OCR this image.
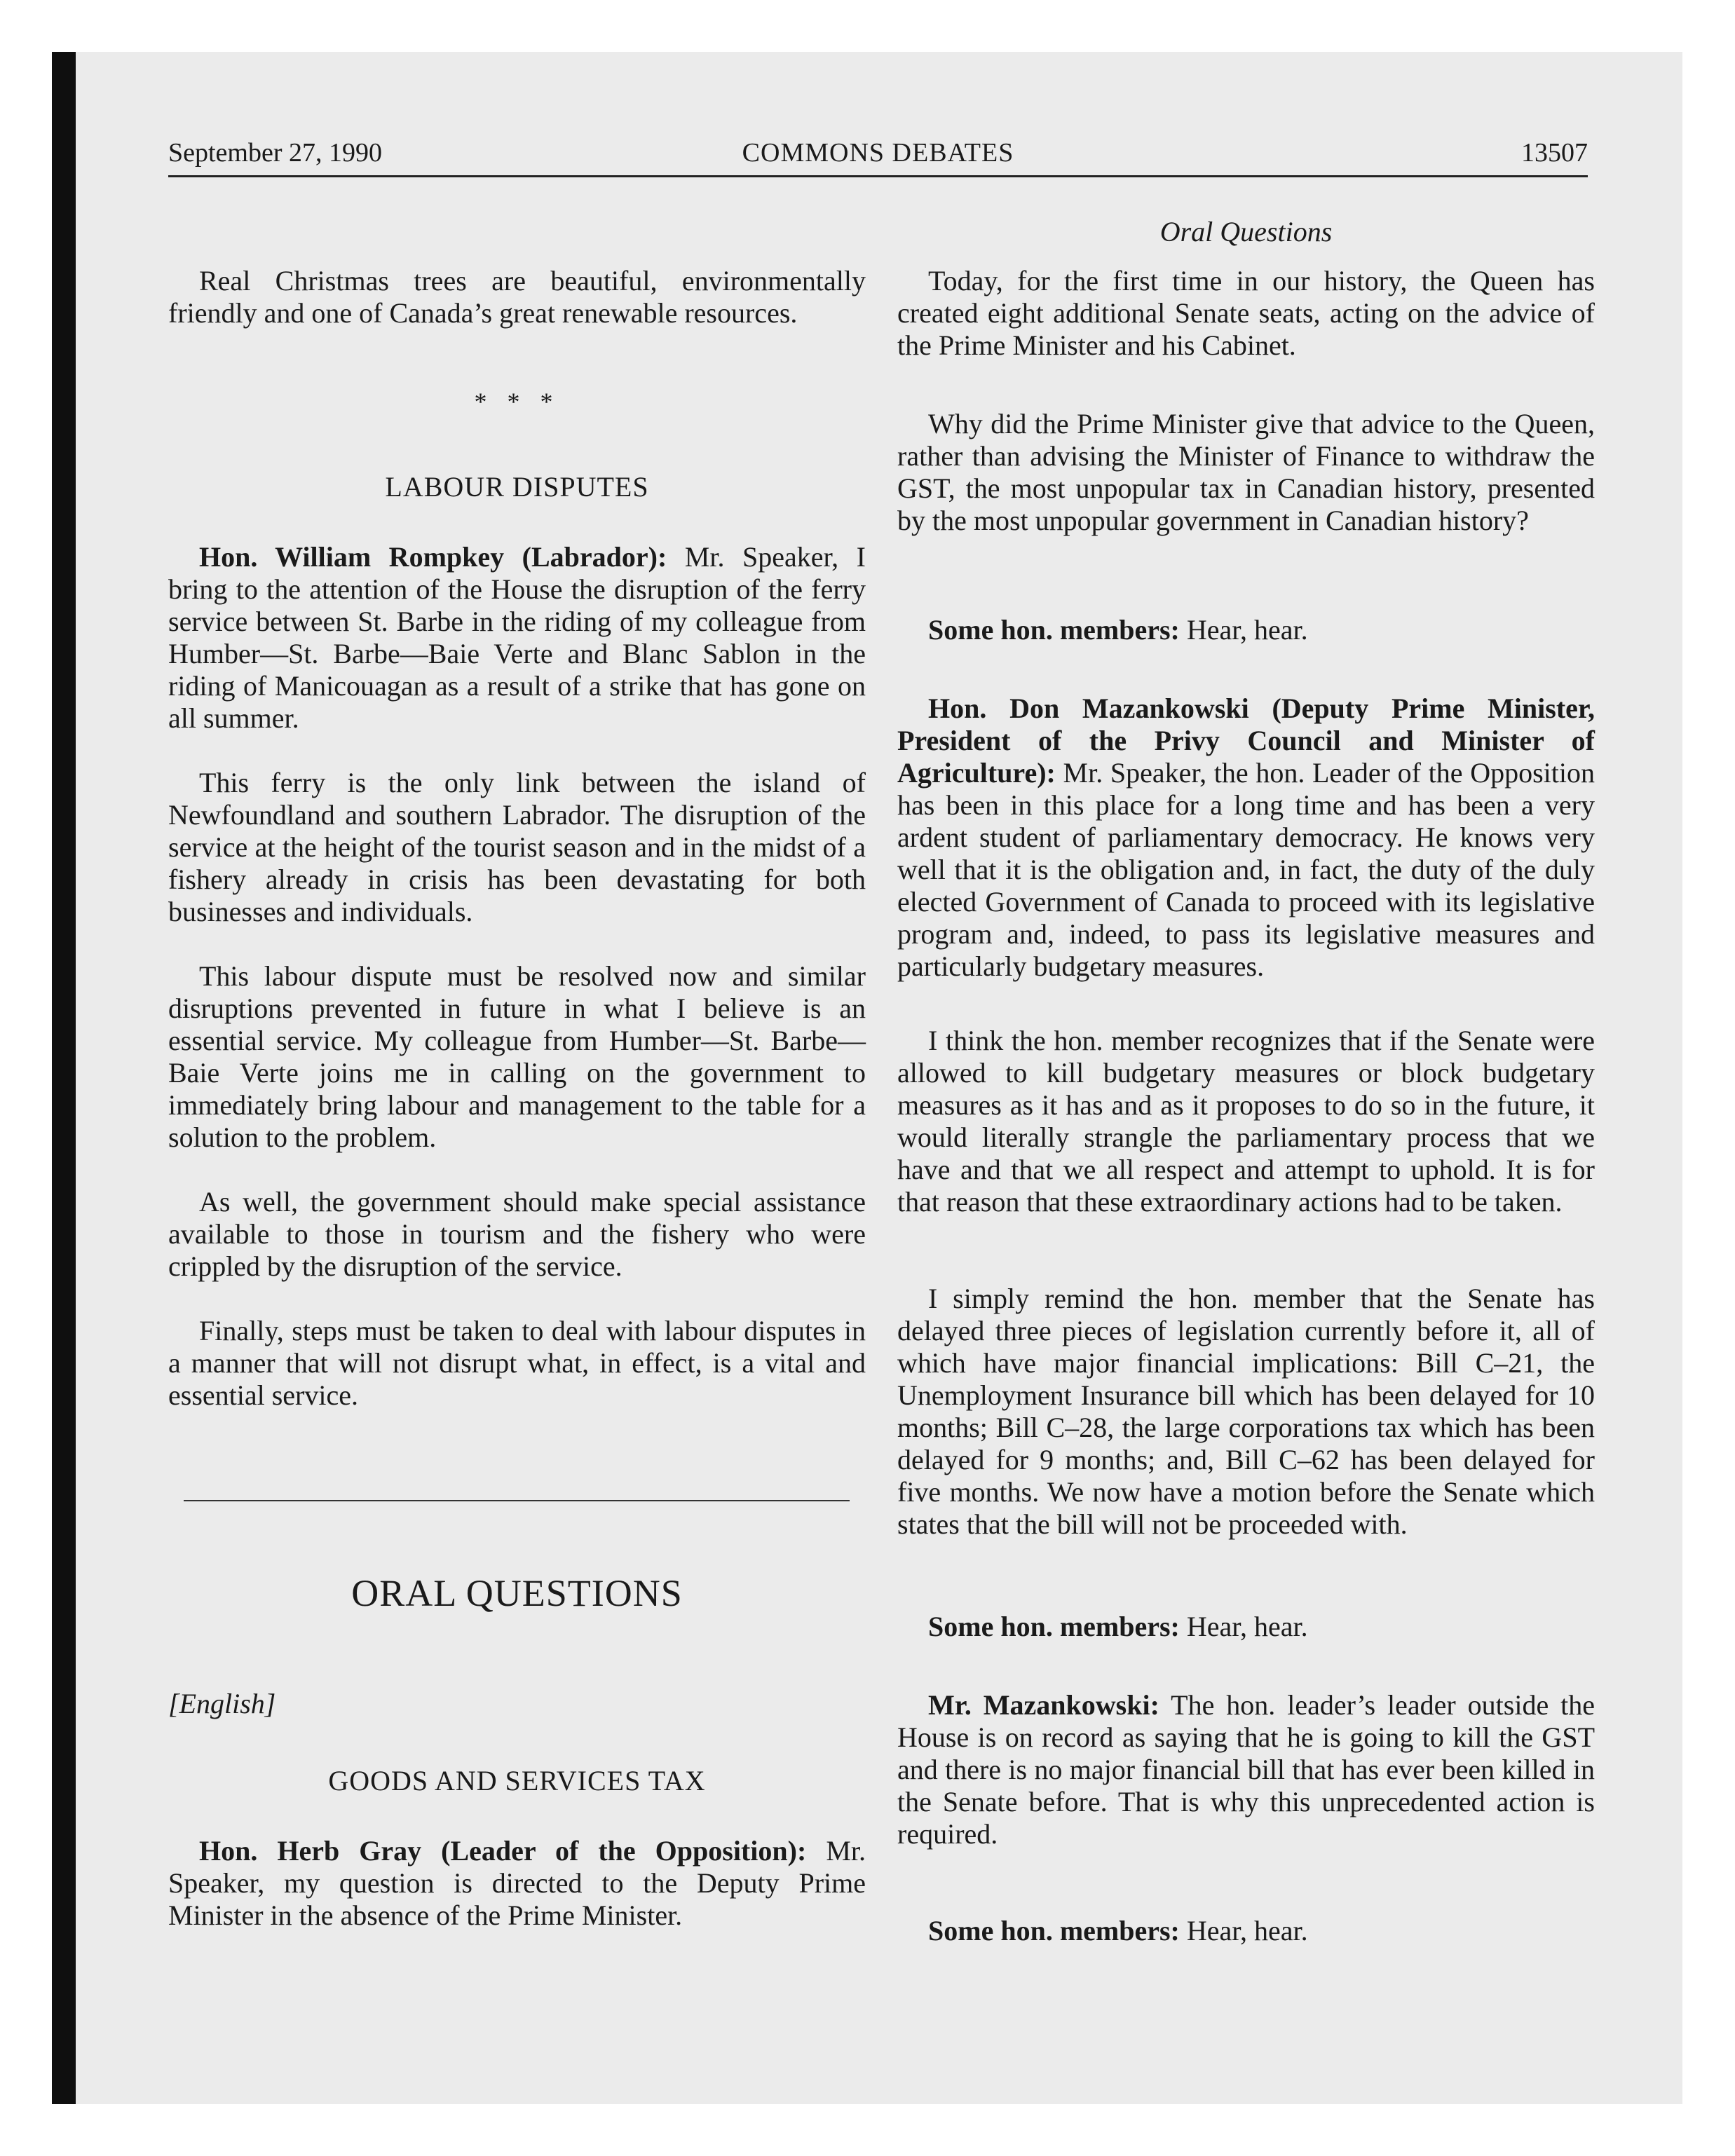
September 27, 1990	COMMONS DEBATES	13507

Real Christmas trees are beautiful, environmentally friendly and one of Canada’s great renewable resources.

* * *

LABOUR DISPUTES

Hon. William Rompkey (Labrador): Mr. Speaker, I bring to the attention of the House the disruption of the ferry service between St. Barbe in the riding of my colleague from Humber—St. Barbe—Baie Verte and Blanc Sablon in the riding of Manicouagan as a result of a strike that has gone on all summer.

This ferry is the only link between the island of Newfoundland and southern Labrador. The disruption of the service at the height of the tourist season and in the midst of a fishery already in crisis has been devastating for both businesses and individuals.

This labour dispute must be resolved now and similar disruptions prevented in future in what I believe is an essential service. My colleague from Humber—St. Barbe—Baie Verte joins me in calling on the government to immediately bring labour and management to the table for a solution to the problem.

As well, the government should make special assistance available to those in tourism and the fishery who were crippled by the disruption of the service.

Finally, steps must be taken to deal with labour disputes in a manner that will not disrupt what, in effect, is a vital and essential service.

ORAL QUESTIONS

[English]

GOODS AND SERVICES TAX

Hon. Herb Gray (Leader of the Opposition): Mr. Speaker, my question is directed to the Deputy Prime Minister in the absence of the Prime Minister.

Oral Questions

Today, for the first time in our history, the Queen has created eight additional Senate seats, acting on the advice of the Prime Minister and his Cabinet.

Why did the Prime Minister give that advice to the Queen, rather than advising the Minister of Finance to withdraw the GST, the most unpopular tax in Canadian history, presented by the most unpopular government in Canadian history?

Some hon. members: Hear, hear.

Hon. Don Mazankowski (Deputy Prime Minister, President of the Privy Council and Minister of Agriculture): Mr. Speaker, the hon. Leader of the Opposition has been in this place for a long time and has been a very ardent student of parliamentary democracy. He knows very well that it is the obligation and, in fact, the duty of the duly elected Government of Canada to proceed with its legislative program and, indeed, to pass its legislative measures and particularly budgetary measures.

I think the hon. member recognizes that if the Senate were allowed to kill budgetary measures or block budgetary measures as it has and as it proposes to do so in the future, it would literally strangle the parliamentary process that we have and that we all respect and attempt to uphold. It is for that reason that these extraordinary actions had to be taken.

I simply remind the hon. member that the Senate has delayed three pieces of legislation currently before it, all of which have major financial implications: Bill C–21, the Unemployment Insurance bill which has been delayed for 10 months; Bill C–28, the large corporations tax which has been delayed for 9 months; and, Bill C–62 has been delayed for five months. We now have a motion before the Senate which states that the bill will not be proceeded with.

Some hon. members: Hear, hear.

Mr. Mazankowski: The hon. leader’s leader outside the House is on record as saying that he is going to kill the GST and there is no major financial bill that has ever been killed in the Senate before. That is why this unprecedented action is required.

Some hon. members: Hear, hear.
